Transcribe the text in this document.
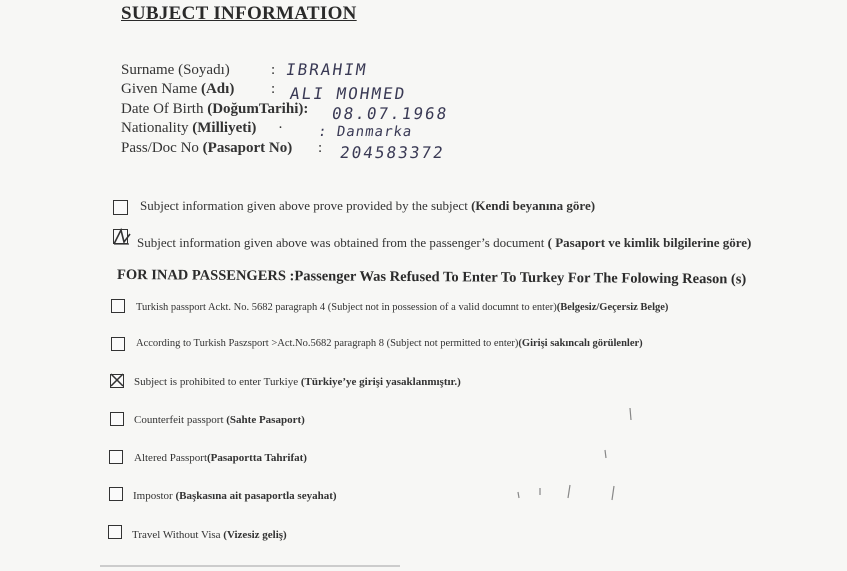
SUBJECT INFORMATION
Surname (Soyadı)	: IBRAHIM
Given Name (Adı) : ALI MOHMED
Date Of Birth (DoğumTarihi): 08.07.1968
Nationality (Milliyeti) · : Danmarka
Pass/Doc No (Pasaport No) : 204583372
Subject information given above prove provided by the subject (Kendi beyanına göre)
Subject information given above was obtained from the passenger’s document ( Pasaport ve kimlik bilgilerine göre)
FOR INAD PASSENGERS :Passenger Was Refused To Enter To Turkey For The Folowing Reason (s)
Turkish passport Ackt. No. 5682 paragraph 4 (Subject not in possession of a valid documnt to enter)(Belgesiz/Geçersiz Belge)
According to Turkish Paszsport >Act.No.5682 paragraph 8 (Subject not permitted to enter)(Girişi sakıncalı görülenler)
Subject is prohibited to enter Turkiye (Türkiye’ye girişi yasaklanmıştır.)
Counterfeit passport (Sahte Pasaport)
Altered Passport(Pasaportta Tahrifat)
Impostor (Başkasına ait pasaportla seyahat)
Travel Without Visa (Vizesiz geliş)
